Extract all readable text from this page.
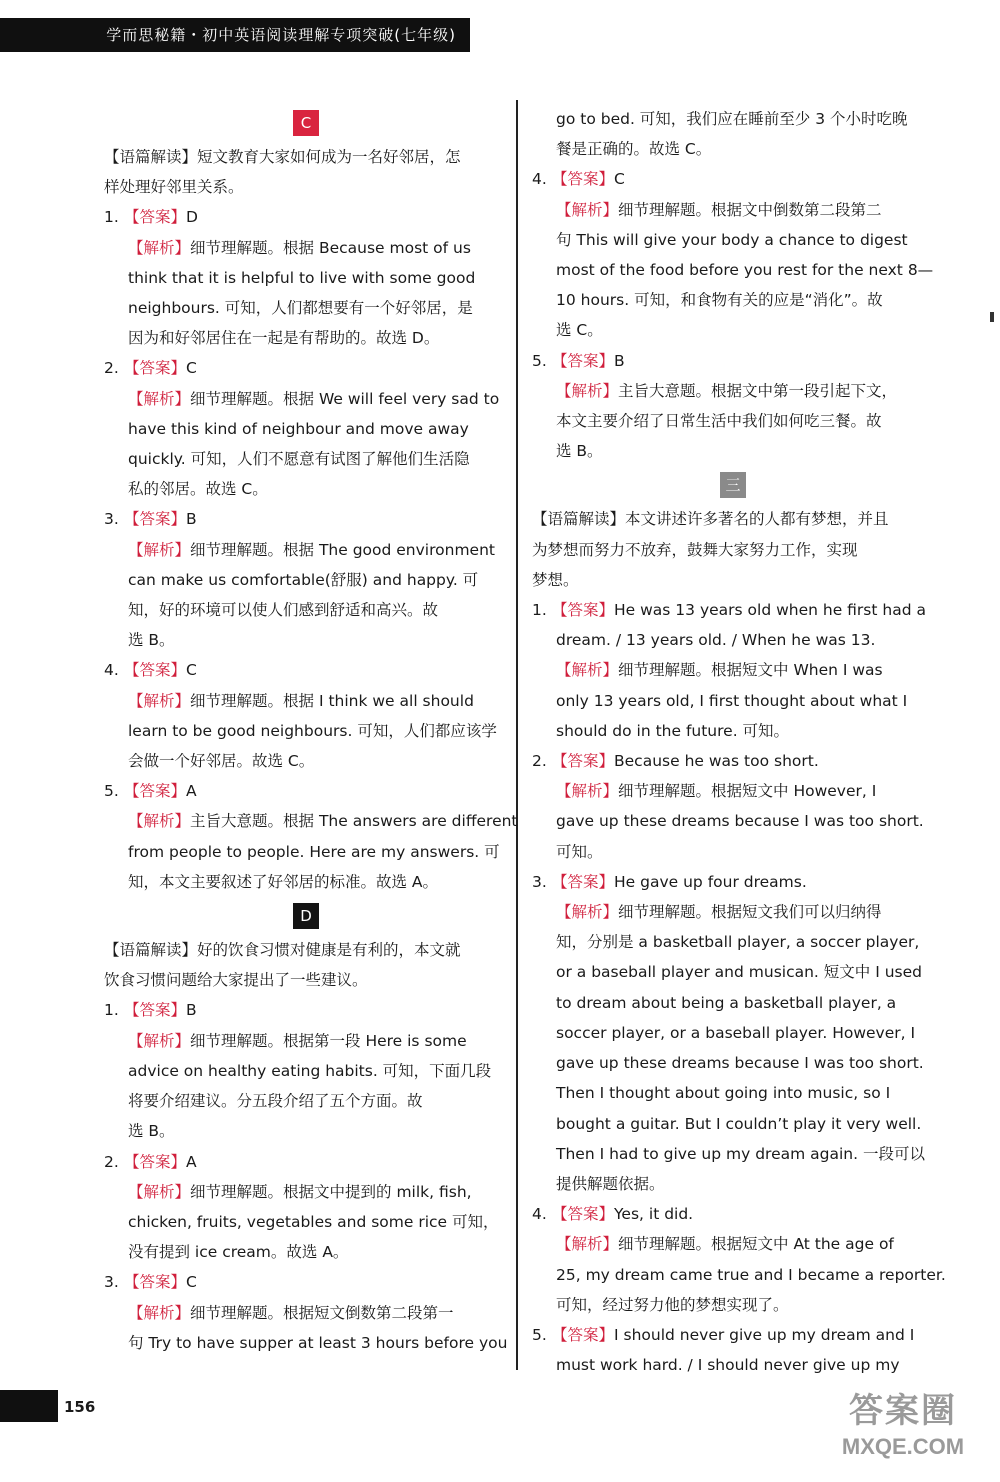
学而思秘籍・初中英语阅读理解专项突破(七年级)
C
【语篇解读】短文教育大家如何成为一名好邻居，怎
样处理好邻里关系。
1. 【答案】D
【解析】细节理解题。根据 Because most of us
think that it is helpful to live with some good
neighbours. 可知，人们都想要有一个好邻居，是
因为和好邻居住在一起是有帮助的。故选 D。
2. 【答案】C
【解析】细节理解题。根据 We will feel very sad to
have this kind of neighbour and move away
quickly. 可知，人们不愿意有试图了解他们生活隐
私的邻居。故选 C。
3. 【答案】B
【解析】细节理解题。根据 The good environment
can make us comfortable(舒服) and happy. 可
知，好的环境可以使人们感到舒适和高兴。故
选 B。
4. 【答案】C
【解析】细节理解题。根据 I think we all should
learn to be good neighbours. 可知，人们都应该学
会做一个好邻居。故选 C。
5. 【答案】A
【解析】主旨大意题。根据 The answers are different
from people to people. Here are my answers. 可
知，本文主要叙述了好邻居的标准。故选 A。
D
【语篇解读】好的饮食习惯对健康是有利的，本文就
饮食习惯问题给大家提出了一些建议。
1. 【答案】B
【解析】细节理解题。根据第一段 Here is some
advice on healthy eating habits. 可知，下面几段
将要介绍建议。分五段介绍了五个方面。故
选 B。
2. 【答案】A
【解析】细节理解题。根据文中提到的 milk, fish,
chicken, fruits, vegetables and some rice 可知，
没有提到 ice cream。故选 A。
3. 【答案】C
【解析】细节理解题。根据短文倒数第二段第一
句 Try to have supper at least 3 hours before you
go to bed. 可知，我们应在睡前至少 3 个小时吃晚
餐是正确的。故选 C。
4. 【答案】C
【解析】细节理解题。根据文中倒数第二段第二
句 This will give your body a chance to digest
most of the food before you rest for the next 8—
10 hours. 可知，和食物有关的应是“消化”。故
选 C。
5. 【答案】B
【解析】主旨大意题。根据文中第一段引起下文，
本文主要介绍了日常生活中我们如何吃三餐。故
选 B。
三
【语篇解读】本文讲述许多著名的人都有梦想，并且
为梦想而努力不放弃，鼓舞大家努力工作，实现
梦想。
1. 【答案】He was 13 years old when he first had a
dream. / 13 years old. / When he was 13.
【解析】细节理解题。根据短文中 When I was
only 13 years old, I first thought about what I
should do in the future. 可知。
2. 【答案】Because he was too short.
【解析】细节理解题。根据短文中 However, I
gave up these dreams because I was too short.
可知。
3. 【答案】He gave up four dreams.
【解析】细节理解题。根据短文我们可以归纳得
知，分别是 a basketball player, a soccer player,
or a baseball player and musican. 短文中 I used
to dream about being a basketball player, a
soccer player, or a baseball player. However, I
gave up these dreams because I was too short.
Then I thought about going into music, so I
bought a guitar. But I couldn’t play it very well.
Then I had to give up my dream again. 一段可以
提供解题依据。
4. 【答案】Yes, it did.
【解析】细节理解题。根据短文中 At the age of
25, my dream came true and I became a reporter.
可知，经过努力他的梦想实现了。
5. 【答案】I should never give up my dream and I
must work hard. / I should never give up my
156	答案圈
MXQE.COM
